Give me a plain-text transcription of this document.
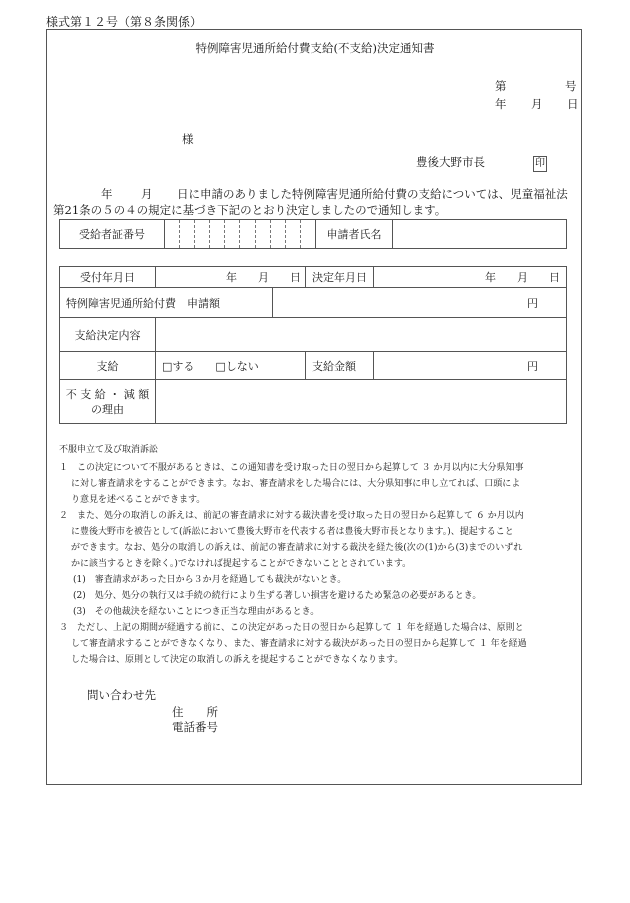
様式第１２号（第８条関係）
特例障害児通所給付費支給(不支給)決定通知書
第	号
年 月 日
様
豊後大野市長	印
年 月 日に申請のありました特例障害児通所給付費の支給については、児童福祉法
第21条の５の４の規定に基づき下記のとおり決定しましたので通知します。
受給者証番号		申請者氏名	
受付年月日	年 月 日		決定年月日	年 月 日
特例障害児通所給付費　申請額		円		
支給決定内容				
支給	□する □しない		支給金額	円
不 支 給 ・ 減 額
の理由				
不服申立て及び取消訴訟
１　この決定について不服があるときは、この通知書を受け取った日の翌日から起算して ３ か月以内に大分県知事
に対し審査請求をすることができます。なお、審査請求をした場合には、大分県知事に申し立てれば、口頭によ
り意見を述べることができます。
２　また、処分の取消しの訴えは、前記の審査請求に対する裁決書を受け取った日の翌日から起算して ６ か月以内
に豊後大野市を被告として(訴訟において豊後大野市を代表する者は豊後大野市長となります。)、提起すること
ができます。なお、処分の取消しの訴えは、前記の審査請求に対する裁決を経た後(次の(1)から(3)までのいずれ
かに該当するときを除く。)でなければ提起することができないこととされています。
(1)　審査請求があった日から３か月を経過しても裁決がないとき。
(2)　処分、処分の執行又は手続の続行により生ずる著しい損害を避けるため緊急の必要があるとき。
(3)　その他裁決を経ないことにつき正当な理由があるとき。
３　ただし、上記の期間が経過する前に、この決定があった日の翌日から起算して １ 年を経過した場合は、原則と
して審査請求することができなくなり、また、審査請求に対する裁決があった日の翌日から起算して １ 年を経過
した場合は、原則として決定の取消しの訴えを提起することができなくなります。
問い合わせ先
住　　所
電話番号
